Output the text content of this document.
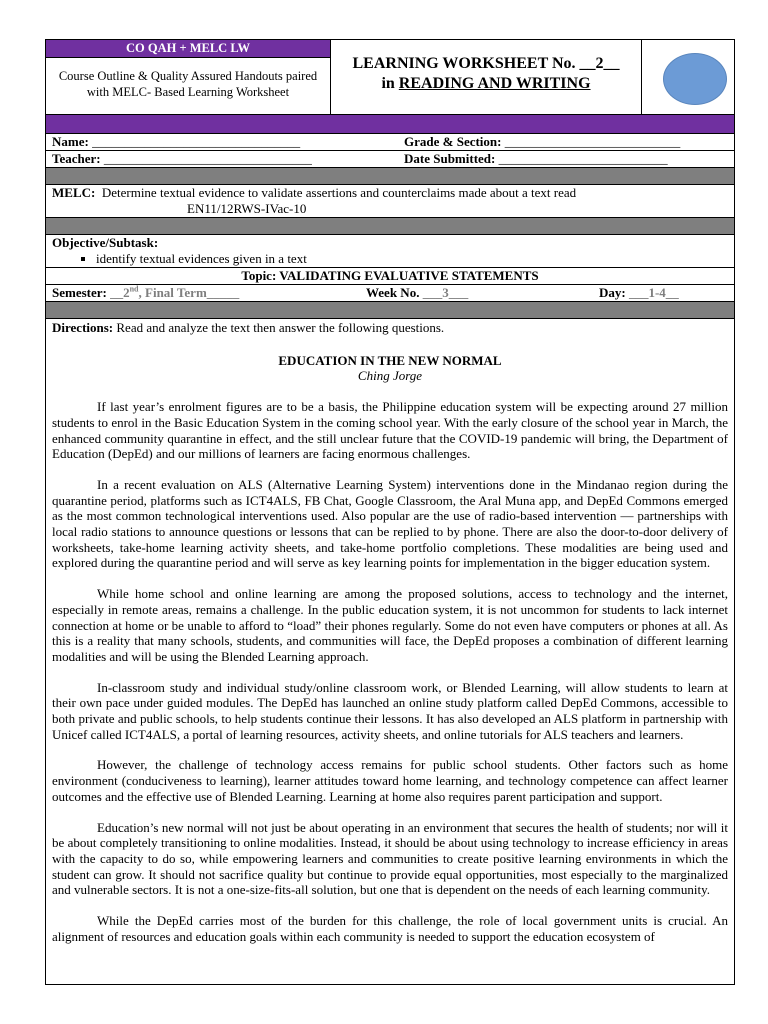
CO QAH + MELC LW
Course Outline & Quality Assured Handouts paired with MELC- Based Learning Worksheet
LEARNING WORKSHEET No. __2__
in READING AND WRITING
Name: ________________________________	Grade & Section: ___________________________
Teacher: ________________________________	Date Submitted: __________________________
MELC: Determine textual evidence to validate assertions and counterclaims made about a text read
EN11/12RWS-IVac-10
Objective/Subtask:
▪ identify textual evidences given in a text
Topic: VALIDATING EVALUATIVE STATEMENTS
Semester: __2nd, Final Term_____	Week No. ___3___	Day: ___1-4__

Directions: Read and analyze the text then answer the following questions.

EDUCATION IN THE NEW NORMAL
Ching Jorge

If last year’s enrolment figures are to be a basis, the Philippine education system will be expecting around 27 million students to enrol in the Basic Education System in the coming school year. With the early closure of the school year in March, the enhanced community quarantine in effect, and the still unclear future that the COVID-19 pandemic will bring, the Department of Education (DepEd) and our millions of learners are facing enormous challenges.

In a recent evaluation on ALS (Alternative Learning System) interventions done in the Mindanao region during the quarantine period, platforms such as ICT4ALS, FB Chat, Google Classroom, the Aral Muna app, and DepEd Commons emerged as the most common technological interventions used. Also popular are the use of radio-based intervention — partnerships with local radio stations to announce questions or lessons that can be replied to by phone. There are also the door-to-door delivery of worksheets, take-home learning activity sheets, and take-home portfolio completions. These modalities are being used and explored during the quarantine period and will serve as key learning points for implementation in the bigger education system.

While home school and online learning are among the proposed solutions, access to technology and the internet, especially in remote areas, remains a challenge. In the public education system, it is not uncommon for students to lack internet connection at home or be unable to afford to “load” their phones regularly. Some do not even have computers or phones at all. As this is a reality that many schools, students, and communities will face, the DepEd proposes a combination of different learning modalities and will be using the Blended Learning approach.

In-classroom study and individual study/online classroom work, or Blended Learning, will allow students to learn at their own pace under guided modules. The DepEd has launched an online study platform called DepEd Commons, accessible to both private and public schools, to help students continue their lessons. It has also developed an ALS platform in partnership with Unicef called ICT4ALS, a portal of learning resources, activity sheets, and online tutorials for ALS teachers and learners.

However, the challenge of technology access remains for public school students. Other factors such as home environment (conduciveness to learning), learner attitudes toward home learning, and technology competence can affect learner outcomes and the effective use of Blended Learning. Learning at home also requires parent participation and support.

Education’s new normal will not just be about operating in an environment that secures the health of students; nor will it be about completely transitioning to online modalities. Instead, it should be about using technology to increase efficiency in areas with the capacity to do so, while empowering learners and communities to create positive learning environments in which the student can grow. It should not sacrifice quality but continue to provide equal opportunities, most especially to the marginalized and vulnerable sectors. It is not a one-size-fits-all solution, but one that is dependent on the needs of each learning community.

While the DepEd carries most of the burden for this challenge, the role of local government units is crucial. An alignment of resources and education goals within each community is needed to support the education ecosystem of
